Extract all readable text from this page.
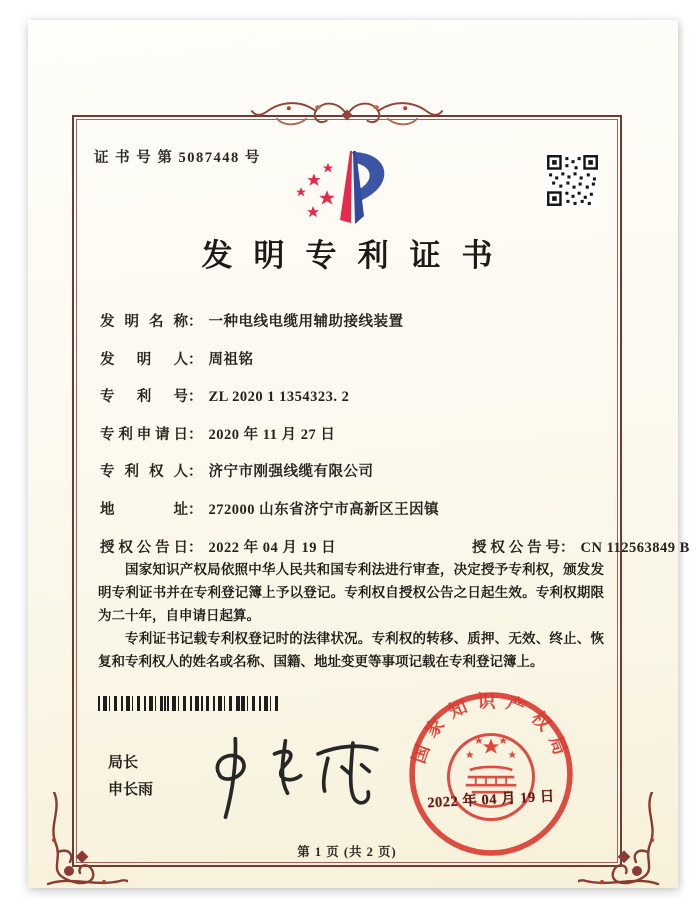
证 书 号 第 5087448 号
发明专利证书
发明名称： 一种电线电缆用辅助接线装置
发明人： 周祖铭
专利号： ZL 2020 1 1354323. 2
专利申请日： 2020 年 11 月 27 日
专利权人： 济宁市刚强线缆有限公司
地址： 272000 山东省济宁市高新区王因镇
授权公告日： 2022 年 04 月 19 日	授权公告号： CN 112563849 B

国家知识产权局依照中华人民共和国专利法进行审查，决定授予专利权，颁发发明专利证书并在专利登记簿上予以登记。专利权自授权公告之日起生效。专利权期限为二十年，自申请日起算。

专利证书记载专利权登记时的法律状况。专利权的转移、质押、无效、终止、恢复和专利权人的姓名或名称、国籍、地址变更等事项记载在专利登记簿上。

局长
申长雨
国家知识产权局
2022 年 04 月 19 日
第 1 页 (共 2 页)
